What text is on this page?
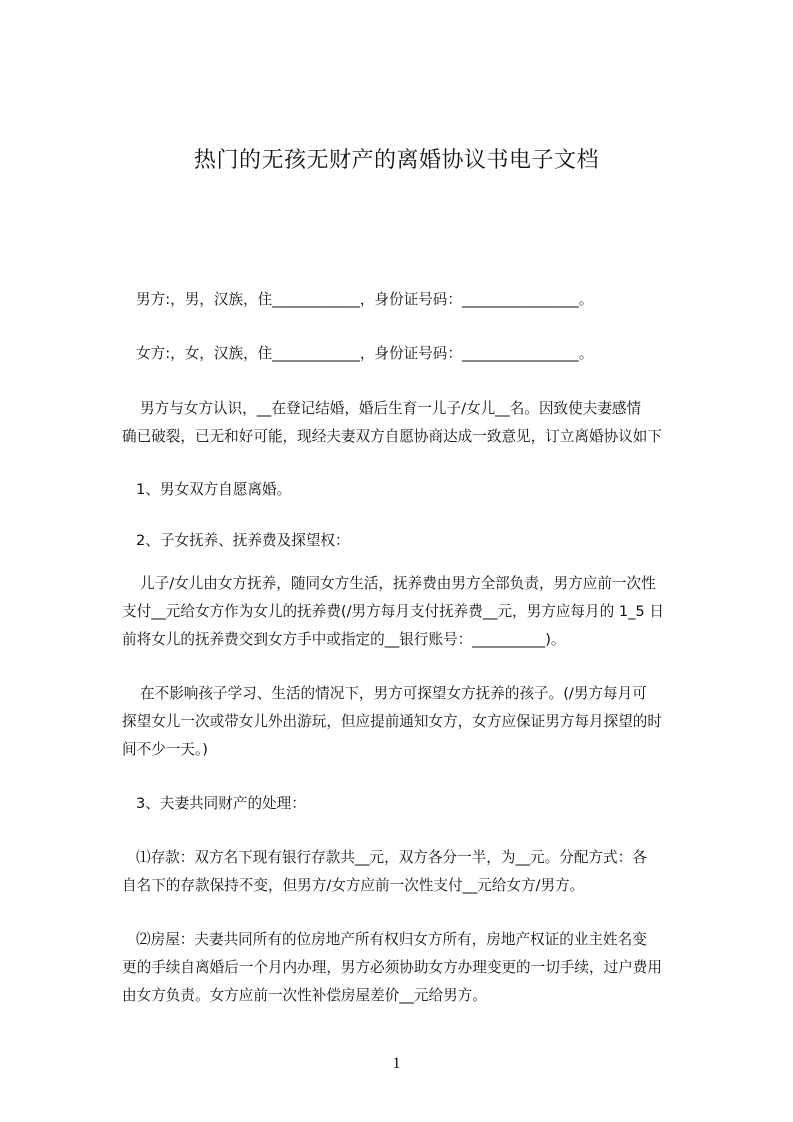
热门的无孩无财产的离婚协议书电子文档
男方:，男，汉族，住____________，身份证号码：________________。
女方:，女，汉族，住____________，身份证号码：________________。
男方与女方认识，__在登记结婚，婚后生育一儿子/女儿__名。因致使夫妻感情
确已破裂，已无和好可能，现经夫妻双方自愿协商达成一致意见，订立离婚协议如下
1、男女双方自愿离婚。
2、子女抚养、抚养费及探望权：
儿子/女儿由女方抚养，随同女方生活，抚养费由男方全部负责，男方应前一次性
支付__元给女方作为女儿的抚养费(/男方每月支付抚养费__元，男方应每月的 1_5 日
前将女儿的抚养费交到女方手中或指定的__银行账号：__________)。
在不影响孩子学习、生活的情况下，男方可探望女方抚养的孩子。(/男方每月可
探望女儿一次或带女儿外出游玩，但应提前通知女方，女方应保证男方每月探望的时
间不少一天。)
3、夫妻共同财产的处理：
⑴存款：双方名下现有银行存款共__元，双方各分一半，为__元。分配方式：各
自名下的存款保持不变，但男方/女方应前一次性支付__元给女方/男方。
⑵房屋：夫妻共同所有的位房地产所有权归女方所有，房地产权证的业主姓名变
更的手续自离婚后一个月内办理，男方必须协助女方办理变更的一切手续，过户费用
由女方负责。女方应前一次性补偿房屋差价__元给男方。
1
